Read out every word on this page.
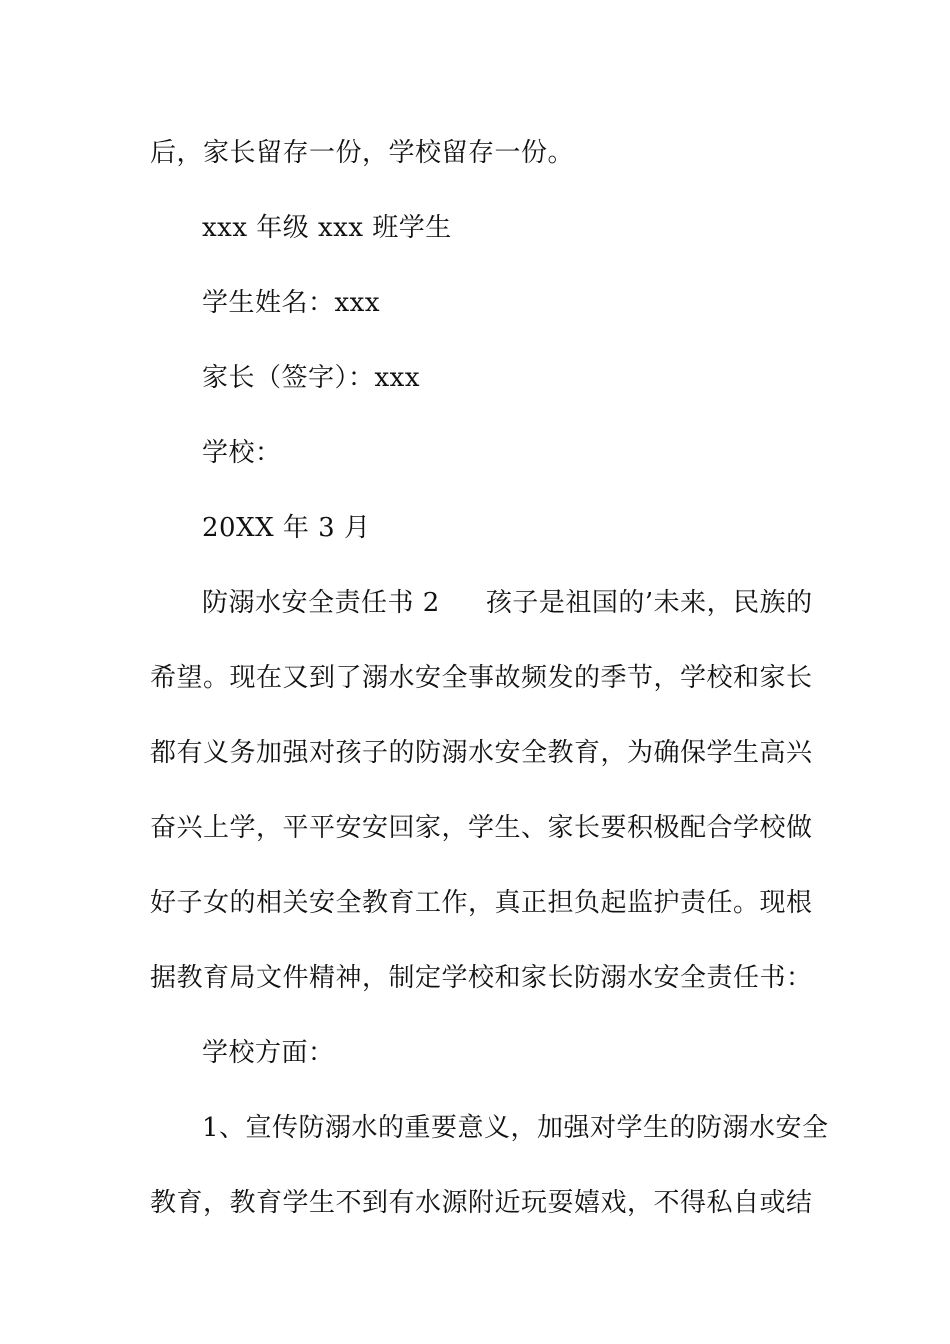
后，家长留存一份，学校留存一份。
xxx 年级 xxx 班学生
学生姓名：xxx
家长（签字）：xxx
学校：
20XX 年 3 月
防溺水安全责任书 2 孩子是祖国的’未来，民族的
希望。现在又到了溺水安全事故频发的季节，学校和家长
都有义务加强对孩子的防溺水安全教育，为确保学生高兴
奋兴上学，平平安安回家，学生、家长要积极配合学校做
好子女的相关安全教育工作，真正担负起监护责任。现根
据教育局文件精神，制定学校和家长防溺水安全责任书：
学校方面：
1、宣传防溺水的重要意义，加强对学生的防溺水安全
教育，教育学生不到有水源附近玩耍嬉戏，不得私自或结
